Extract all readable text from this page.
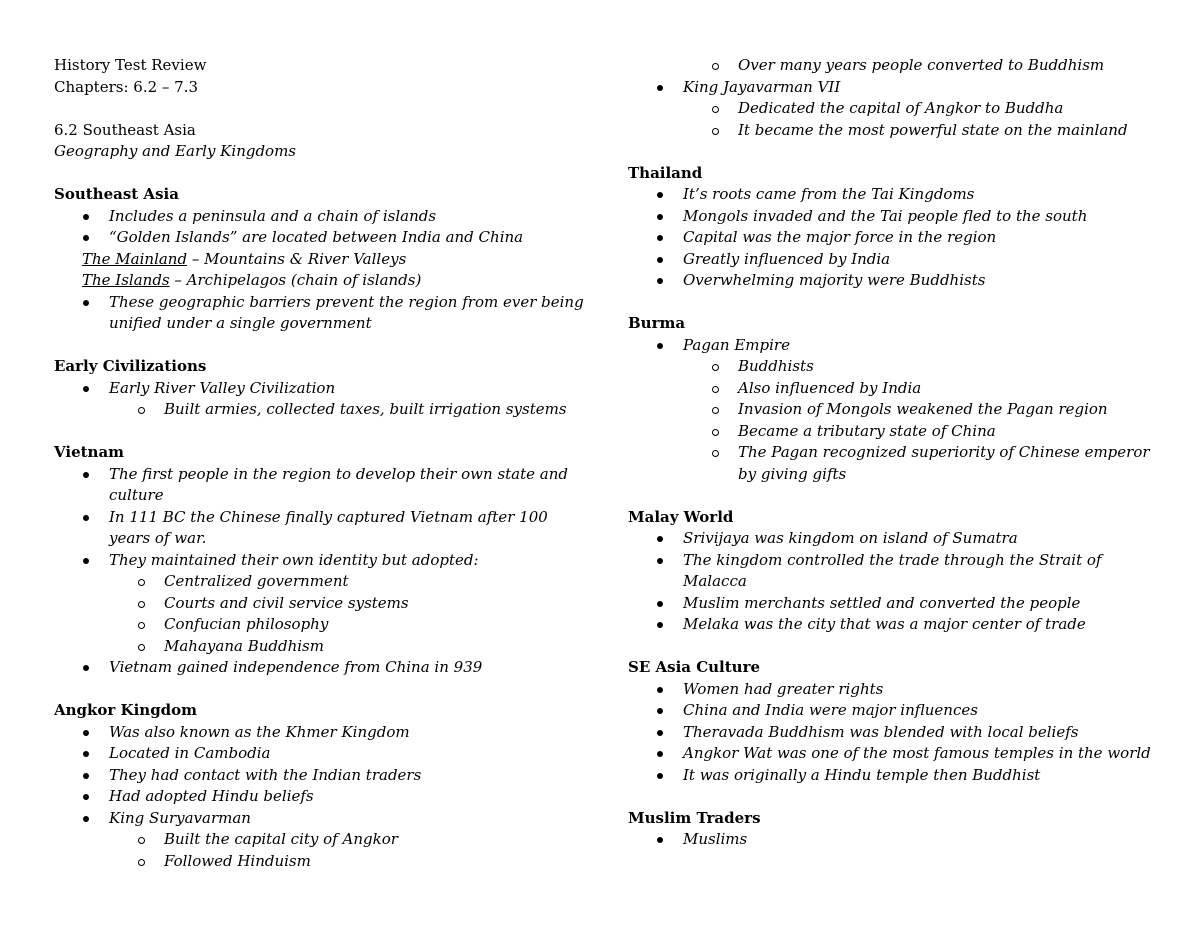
History Test Review
Chapters: 6.2 – 7.3
6.2 Southeast Asia
Geography and Early Kingdoms
Southeast Asia
Includes a peninsula and a chain of islands
“Golden Islands” are located between India and China
The Mainland – Mountains & River Valleys
The Islands – Archipelagos (chain of islands)
These geographic barriers prevent the region from ever being
unified under a single government
Early Civilizations
Early River Valley Civilization
Built armies, collected taxes, built irrigation systems
Vietnam
The first people in the region to develop their own state and
culture
In 111 BC the Chinese finally captured Vietnam after 100
years of war.
They maintained their own identity but adopted:
Centralized government
Courts and civil service systems
Confucian philosophy
Mahayana Buddhism
Vietnam gained independence from China in 939
Angkor Kingdom
Was also known as the Khmer Kingdom
Located in Cambodia
They had contact with the Indian traders
Had adopted Hindu beliefs
King Suryavarman
Built the capital city of Angkor
Followed Hinduism
Over many years people converted to Buddhism
King Jayavarman VII
Dedicated the capital of Angkor to Buddha
It became the most powerful state on the mainland
Thailand
It’s roots came from the Tai Kingdoms
Mongols invaded and the Tai people fled to the south
Capital was the major force in the region
Greatly influenced by India
Overwhelming majority were Buddhists
Burma
Pagan Empire
Buddhists
Also influenced by India
Invasion of Mongols weakened the Pagan region
Became a tributary state of China
The Pagan recognized superiority of Chinese emperor
by giving gifts
Malay World
Srivijaya was kingdom on island of Sumatra
The kingdom controlled the trade through the Strait of
Malacca
Muslim merchants settled and converted the people
Melaka was the city that was a major center of trade
SE Asia Culture
Women had greater rights
China and India were major influences
Theravada Buddhism was blended with local beliefs
Angkor Wat was one of the most famous temples in the world
It was originally a Hindu temple then Buddhist
Muslim Traders
Muslims
